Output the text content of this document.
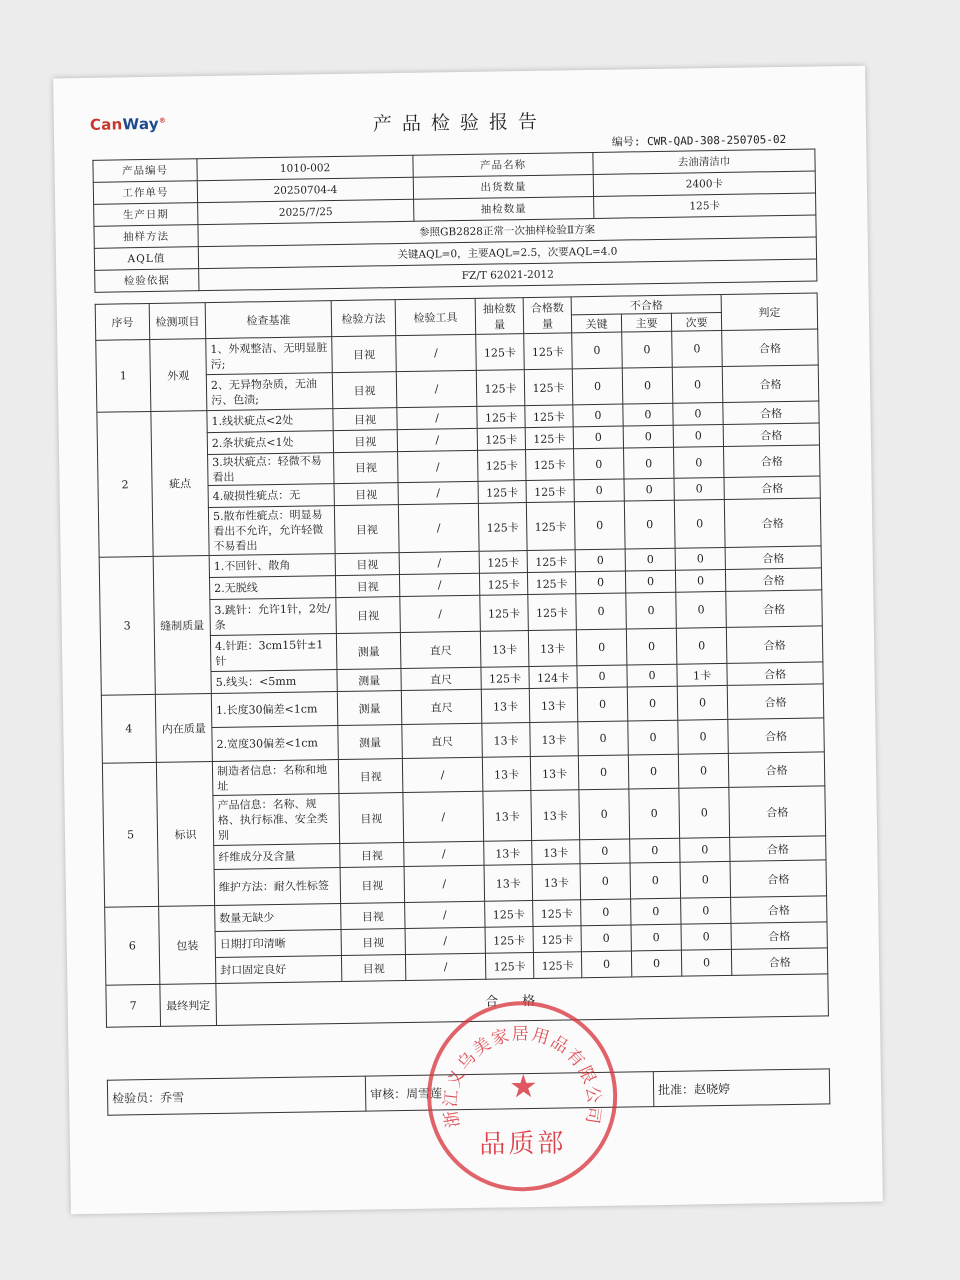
CanWay®	产品检验报告
编号: CWR-QAD-308-250705-02
产品编号	1010-002	产品名称	去油清洁巾
工作单号	20250704-4	出货数量	2400卡
生产日期	2025/7/25	抽检数量	125卡
抽样方法	参照GB2828正常一次抽样检验Ⅱ方案		
AQL值	关键AQL=0，主要AQL=2.5，次要AQL=4.0		
检验依据	FZ/T 62021-2012		
序号	检测项目	检查基准	检验方法	检验工具	抽检数量	合格数量	不合格			判定
							关键	主要	次要	
1	外观	1、外观整洁、无明显脏污;	目视	/	125卡	125卡	0	0	0	合格
		2、无异物杂质，无油污、色渍;	目视	/	125卡	125卡	0	0	0	合格
2	疵点	1.线状疵点<2处	目视	/	125卡	125卡	0	0	0	合格
		2.条状疵点<1处	目视	/	125卡	125卡	0	0	0	合格
		3.块状疵点：轻微不易看出	目视	/	125卡	125卡	0	0	0	合格
		4.破损性疵点：无	目视	/	125卡	125卡	0	0	0	合格
		5.散布性疵点：明显易看出不允许，允许轻微不易看出	目视	/	125卡	125卡	0	0	0	合格
3	缝制质量	1.不回针、散角	目视	/	125卡	125卡	0	0	0	合格
		2.无脱线	目视	/	125卡	125卡	0	0	0	合格
		3.跳针：允许1针，2处/条	目视	/	125卡	125卡	0	0	0	合格
		4.针距：3cm15针±1针	测量	直尺	13卡	13卡	0	0	0	合格
		5.线头：<5mm	测量	直尺	125卡	124卡	0	0	1卡	合格
4	内在质量	1.长度30偏差<1cm	测量	直尺	13卡	13卡	0	0	0	合格
		2.宽度30偏差<1cm	测量	直尺	13卡	13卡	0	0	0	合格
5	标识	制造者信息：名称和地址	目视	/	13卡	13卡	0	0	0	合格
		产品信息：名称、规格、执行标准、安全类别	目视	/	13卡	13卡	0	0	0	合格
		纤维成分及含量	目视	/	13卡	13卡	0	0	0	合格
		维护方法：耐久性标签	目视	/	13卡	13卡	0	0	0	合格
6	包装	数量无缺少	目视	/	125卡	125卡	0	0	0	合格
		日期打印清晰	目视	/	125卡	125卡	0	0	0	合格
		封口固定良好	目视	/	125卡	125卡	0	0	0	合格
7	最终判定	合格								
检验员：乔雪	审核：周雪莲	批准：赵晓婷
浙江义乌美家居用品有限公司
★
品质部
